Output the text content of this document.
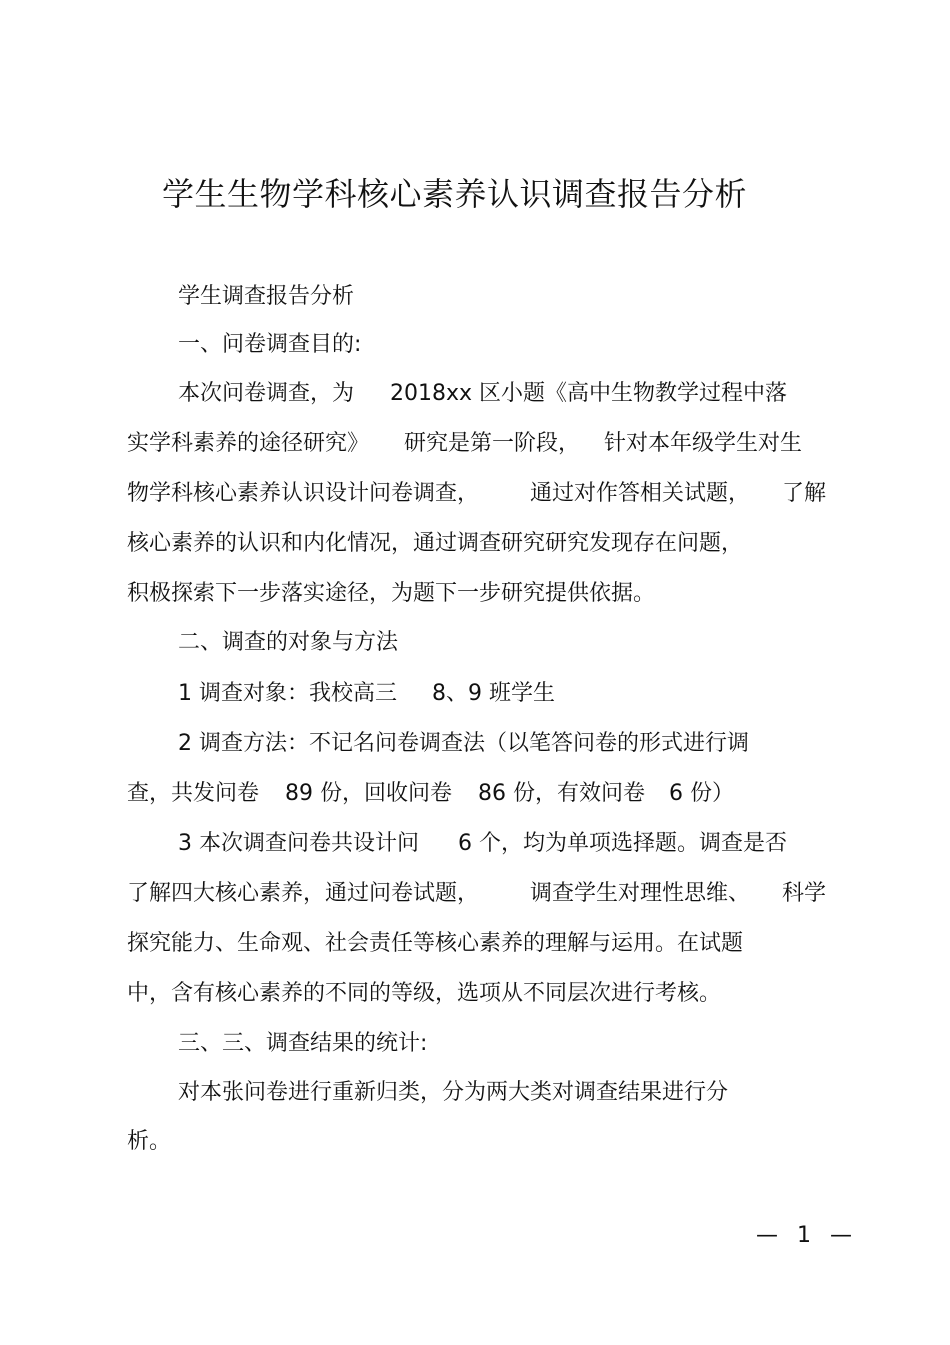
学生生物学科核心素养认识调查报告分析
学生调查报告分析
一、问卷调查目的:
本次问卷调查，为 2018xx 区小题《高中生物教学过程中落
实学科素养的途径研究》 研究是第一阶段， 针对本年级学生对生
物学科核心素养认识设计问卷调查， 通过对作答相关试题， 了解
核心素养的认识和内化情况，通过调查研究研究发现存在问题，
积极探索下一步落实途径，为题下一步研究提供依据。
二、调查的对象与方法
1 调查对象：我校高三 8、9 班学生
2 调查方法：不记名问卷调查法（以笔答问卷的形式进行调
查，共发问卷 89 份，回收问卷 86 份，有效问卷 6 份）
3 本次调查问卷共设计问 6 个，均为单项选择题。调查是否
了解四大核心素养，通过问卷试题， 调查学生对理性思维、 科学
探究能力、生命观、社会责任等核心素养的理解与运用。在试题
中，含有核心素养的不同的等级，选项从不同层次进行考核。
三、三、调查结果的统计:
对本张问卷进行重新归类，分为两大类对调查结果进行分
析。
— 1 —
